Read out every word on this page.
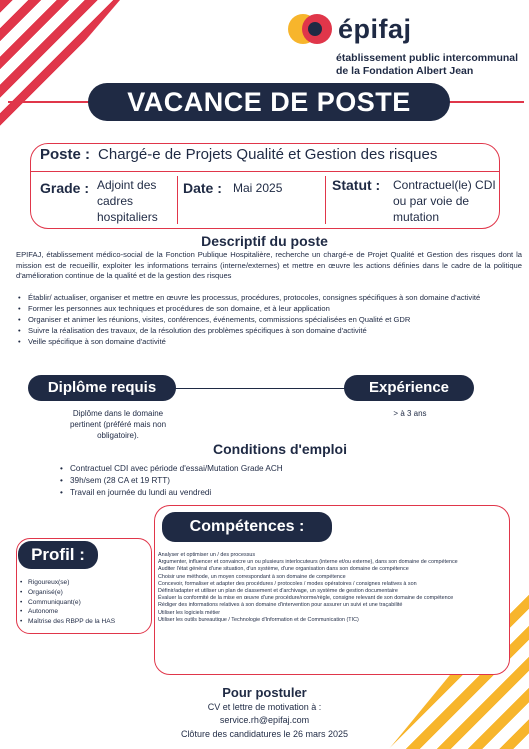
épifaj
établissement public intercommunal
de la Fondation Albert Jean
VACANCE DE POSTE
Poste : Chargé-e de Projets Qualité et Gestion des risques
Grade : Adjoint des
cadres
hospitaliers
Date : Mai 2025	Statut : Contractuel(le) CDI
ou par voie de
mutation
Descriptif du poste
EPIFAJ, établissement médico-social de la Fonction Publique Hospitalière, recherche un chargé-e de Projet Qualité et Gestion des risques dont la mission est de recueillir, exploiter les informations terrains (interne/externes) et mettre en œuvre les actions définies dans le cadre de la politique d'amélioration continue de la qualité et de la gestion des risques
• Établir/ actualiser, organiser et mettre en œuvre les processus, procédures, protocoles, consignes spécifiques à son domaine d'activité
• Former les personnes aux techniques et procédures de son domaine, et à leur application
• Organiser et animer les réunions, visites, conférences, événements, commissions spécialisées en Qualité et GDR
• Suivre la réalisation des travaux, de la résolution des problèmes spécifiques à son domaine d'activité
• Veille spécifique à son domaine d'activité
Diplôme requis	Expérience
Diplôme dans le domaine
pertinent (préféré mais non
obligatoire).
> à 3 ans
Conditions d'emploi
• Contractuel CDI avec période d'essai/Mutation Grade ACH
• 39h/sem (28 CA et 19 RTT)
• Travail en journée du lundi au vendredi
Profil :
• Rigoureux(se)
• Organisé(e)
• Communiquant(e)
• Autonome
• Maîtrise des RBPP de la HAS
Compétences :
Analyser et optimiser un / des processus
Argumenter, influencer et convaincre un ou plusieurs interlocuteurs (interne et/ou externe), dans son domaine de compétence
Auditer l'état général d'une situation, d'un système, d'une organisation dans son domaine de compétence
Choisir une méthode, un moyen correspondant à son domaine de compétence
Concevoir, formaliser et adapter des procédures / protocoles / modes opératoires / consignes relatives à son
Définir/adapter et utiliser un plan de classement et d'archivage, un système de gestion documentaire
Évaluer la conformité de la mise en œuvre d'une procédure/norme/règle, consigne relevant de son domaine de compétence
Rédiger des informations relatives à son domaine d'intervention pour assurer un suivi et une traçabilité
Utiliser les logiciels métier
Utiliser les outils bureautique / Technologie d'Information et de Communication (TIC)
Pour postuler
CV et lettre de motivation à :
service.rh@epifaj.com
Clôture des candidatures le 26 mars 2025
